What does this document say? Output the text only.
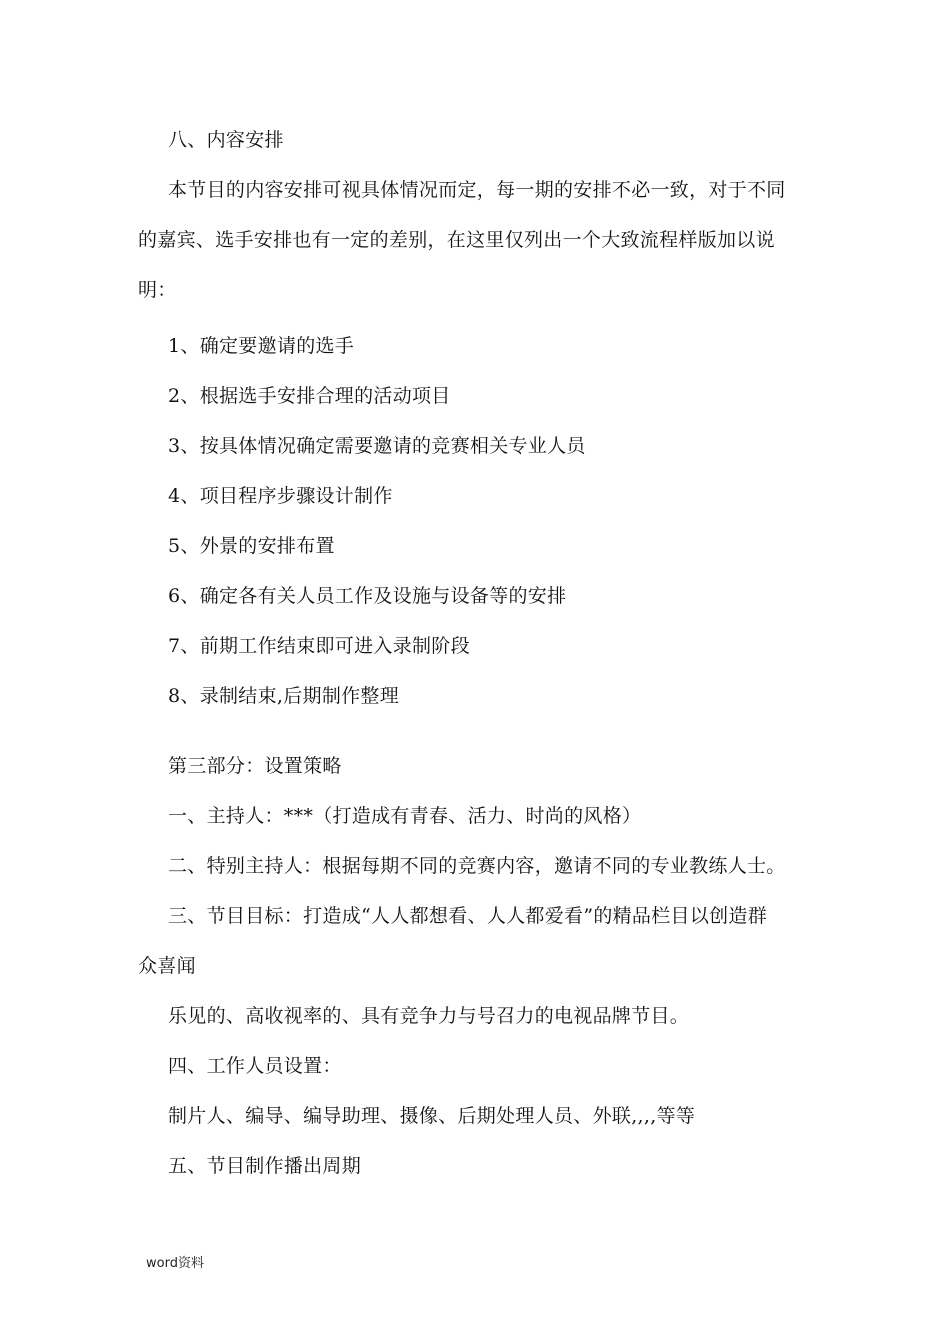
八、内容安排
本节目的内容安排可视具体情况而定，每一期的安排不必一致，对于不同
的嘉宾、选手安排也有一定的差别，在这里仅列出一个大致流程样版加以说
明：
1、确定要邀请的选手
2、根据选手安排合理的活动项目
3、按具体情况确定需要邀请的竞赛相关专业人员
4、项目程序步骤设计制作
5、外景的安排布置
6、确定各有关人员工作及设施与设备等的安排
7、前期工作结束即可进入录制阶段
8、录制结束,后期制作整理
第三部分：设置策略
一、主持人：***（打造成有青春、活力、时尚的风格）
二、特别主持人：根据每期不同的竞赛内容，邀请不同的专业教练人士。
三、节目目标：打造成“人人都想看、人人都爱看”的精品栏目以创造群
众喜闻
乐见的、高收视率的、具有竞争力与号召力的电视品牌节目。
四、工作人员设置：
制片人、编导、编导助理、摄像、后期处理人员、外联,,,,等等
五、节目制作播出周期
word资料
